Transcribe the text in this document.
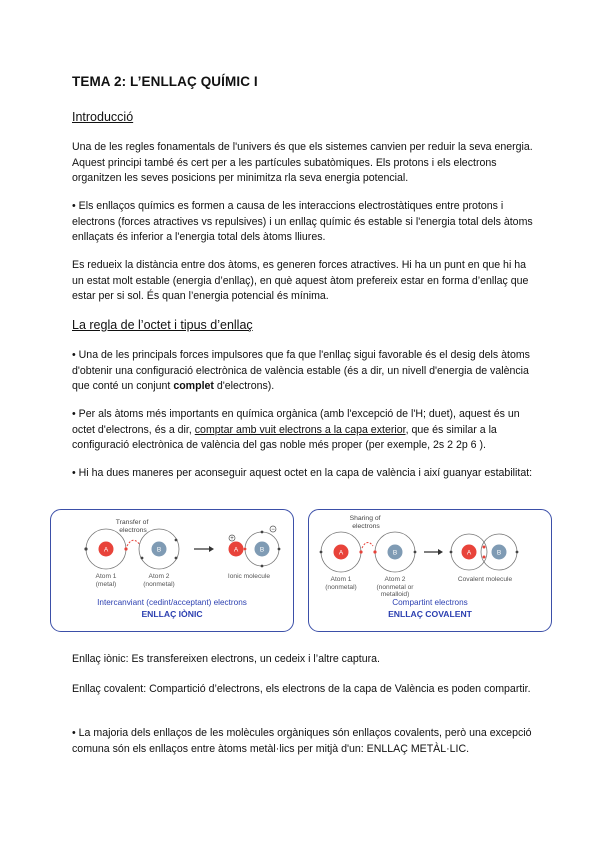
TEMA 2: L’ENLLAÇ QUÍMIC I
Introducció
Una de les regles fonamentals de l'univers és que els sistemes canvien per reduir la seva energia. Aquest principi també és cert per a les partícules subatòmiques. Els protons i els electrons organitzen les seves posicions per minimitza rla seva energia potencial.
• Els enllaços químics es formen a causa de les interaccions electrostàtiques entre protons i electrons (forces atractives vs repulsives) i un enllaç químic és estable si l'energia total dels àtoms enllaçats és inferior a l'energia total dels àtoms lliures.
Es redueix la distància entre dos àtoms, es generen forces atractives. Hi ha un punt en que hi ha un estat molt estable (energia d’enllaç), en què aquest àtom prefereix estar en forma d’enllaç que estar per si sol. És quan l’energia potencial és mínima.
La regla de l’octet i tipus d’enllaç
• Una de les principals forces impulsores que fa que l'enllaç sigui favorable és el desig dels àtoms d'obtenir una configuració electrònica de valència estable (és a dir, un nivell d'energia de valència que conté un conjunt complet d'electrons).
• Per als àtoms més importants en química orgànica (amb l'excepció de l'H; duet), aquest és un octet d'electrons, és a dir, comptar amb vuit electrons a la capa exterior, que és similar a la configuració electrònica de valència del gas noble més proper (per exemple, 2s 2 2p 6 ).
• Hi ha dues maneres per aconseguir aquest octet en la capa de valència i així guanyar estabilitat:
Transfer of electrons
A	B	A
+
B
−
Atom 1 (metal)
Atom 2 (nonmetal)
Ionic molecule
Intercanviant (cedint/acceptant) electrons
ENLLAÇ IÒNIC
Sharing of electrons
A	B	A	B
Atom 1 (nonmetal)
Atom 2 (nonmetal or metalloid)
Covalent molecule
Compartint electrons
ENLLAÇ COVALENT
Enllaç iònic: Es transfereixen electrons, un cedeix i l’altre captura.
Enllaç covalent: Compartició d’electrons, els electrons de la capa de València es poden compartir.
• La majoria dels enllaços de les molècules orgàniques són enllaços covalents, però una excepció comuna són els enllaços entre àtoms metàl·lics per mitjà d'un: ENLLAÇ METÀL·LIC.
